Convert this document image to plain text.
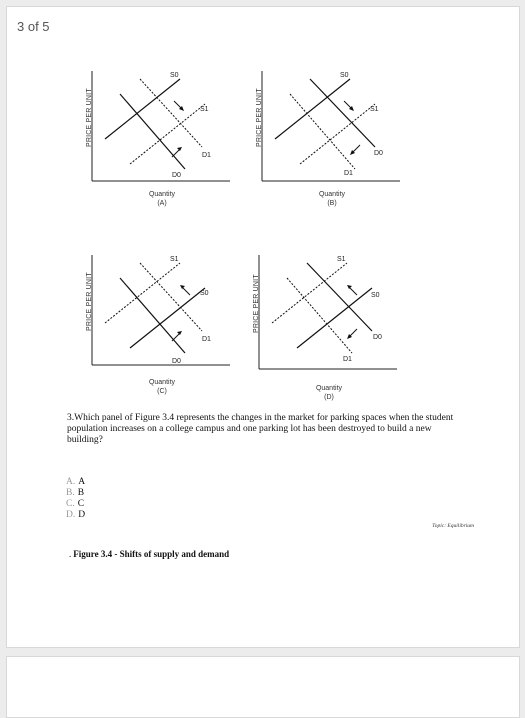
3 of 5
PRICE PER UNIT
S0
S1
D1
D0
Quantity
(A)
PRICE PER UNIT
S0
S1
D0
D1
Quantity
(B)
PRICE PER UNIT
S1
S0
D1
D0
Quantity
(C)
PRICE PER UNIT
S1
S0
D0
D1
Quantity
(D)
3.Which panel of Figure 3.4 represents the changes in the market for parking spaces when the student population increases on a college campus and one parking lot has been destroyed to build a new building?
A. A
B. B
C. C
D. D
Topic: Equilibrium
. Figure 3.4 - Shifts of supply and demand
